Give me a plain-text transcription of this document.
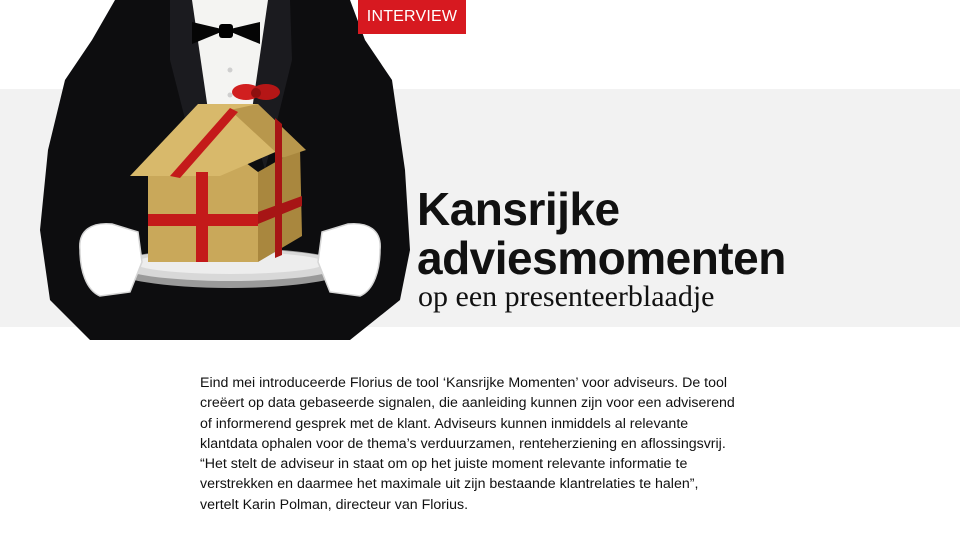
INTERVIEW
Kansrijke
adviesmomenten

op een presenteerblaadje

Eind mei introduceerde Florius de tool ‘Kansrijke Momenten’ voor adviseurs. De tool
creëert op data gebaseerde signalen, die aanleiding kunnen zijn voor een adviserend
of informerend gesprek met de klant. Adviseurs kunnen inmiddels al relevante
klantdata ophalen voor de thema’s verduurzamen, renteherziening en aflossingsvrij.
“Het stelt de adviseur in staat om op het juiste moment relevante informatie te
verstrekken en daarmee het maximale uit zijn bestaande klantrelaties te halen”,
vertelt Karin Polman, directeur van Florius.
